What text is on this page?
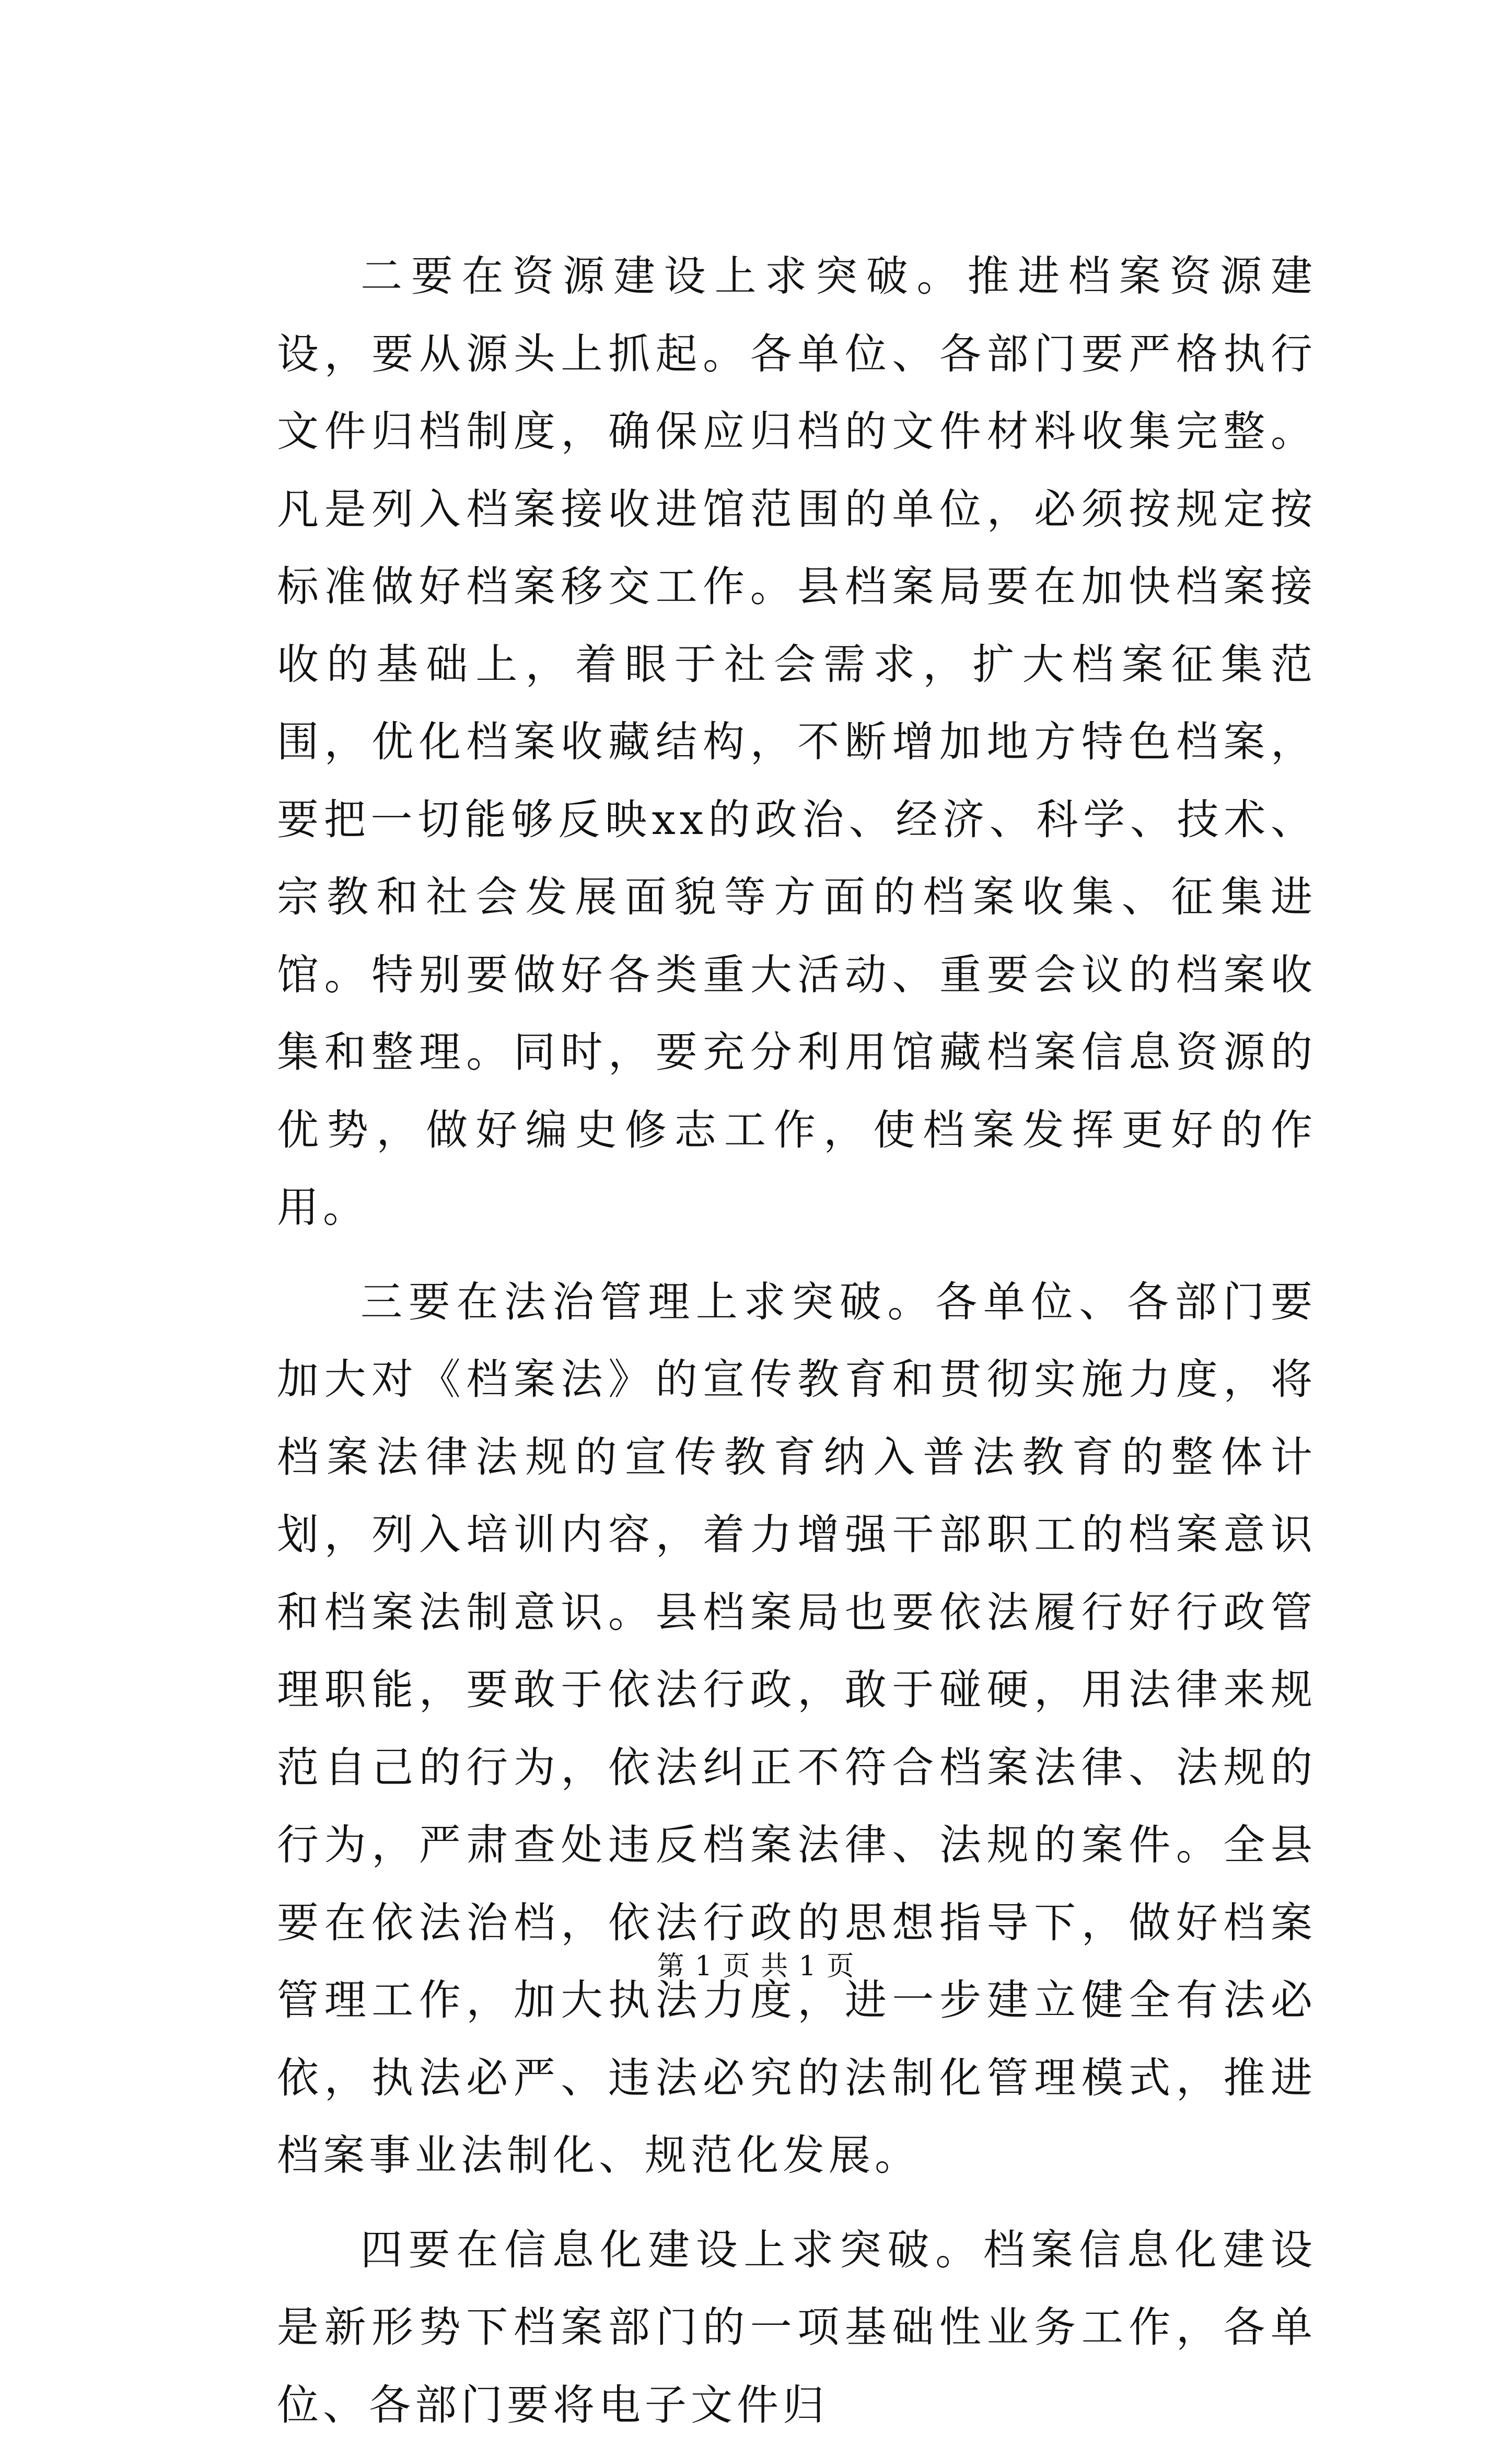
二要在资源建设上求突破。推进档案资源建设，要从源头上抓起。各单位、各部门要严格执行文件归档制度，确保应归档的文件材料收集完整。凡是列入档案接收进馆范围的单位，必须按规定按标准做好档案移交工作。县档案局要在加快档案接收的基础上，着眼于社会需求，扩大档案征集范围，优化档案收藏结构，不断增加地方特色档案，要把一切能够反映xx的政治、经济、科学、技术、宗教和社会发展面貌等方面的档案收集、征集进馆。特别要做好各类重大活动、重要会议的档案收集和整理。同时，要充分利用馆藏档案信息资源的优势，做好编史修志工作，使档案发挥更好的作用。

三要在法治管理上求突破。各单位、各部门要加大对《档案法》的宣传教育和贯彻实施力度，将档案法律法规的宣传教育纳入普法教育的整体计划，列入培训内容，着力增强干部职工的档案意识和档案法制意识。县档案局也要依法履行好行政管理职能，要敢于依法行政，敢于碰硬，用法律来规范自己的行为，依法纠正不符合档案法律、法规的行为，严肃查处违反档案法律、法规的案件。全县要在依法治档，依法行政的思想指导下，做好档案管理工作，加大执法力度，进一步建立健全有法必依，执法必严、违法必究的法制化管理模式，推进档案事业法制化、规范化发展。

四要在信息化建设上求突破。档案信息化建设是新形势下档案部门的一项基础性业务工作，各单位、各部门要将电子文件归

第 1 页 共 1 页
